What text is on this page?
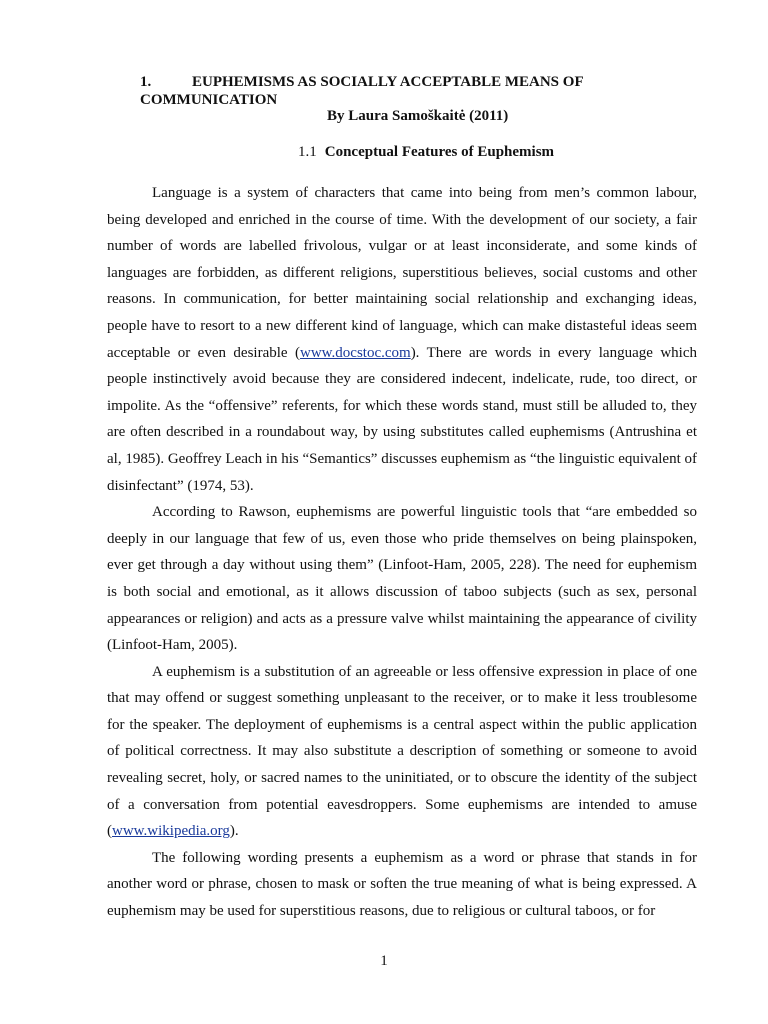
1.	EUPHEMISMS AS SOCIALLY ACCEPTABLE MEANS OF
COMMUNICATION
By Laura Samoškaitė (2011)
1.1 Conceptual Features of Euphemism

Language is a system of characters that came into being from men’s common labour, being developed and enriched in the course of time. With the development of our society, a fair number of words are labelled frivolous, vulgar or at least inconsiderate, and some kinds of languages are forbidden, as different religions, superstitious believes, social customs and other reasons. In communication, for better maintaining social relationship and exchanging ideas, people have to resort to a new different kind of language, which can make distasteful ideas seem acceptable or even desirable (www.docstoc.com). There are words in every language which people instinctively avoid because they are considered indecent, indelicate, rude, too direct, or impolite. As the “offensive” referents, for which these words stand, must still be alluded to, they are often described in a roundabout way, by using substitutes called euphemisms (Antrushina et al, 1985). Geoffrey Leach in his “Semantics” discusses euphemism as “the linguistic equivalent of disinfectant” (1974, 53).

According to Rawson, euphemisms are powerful linguistic tools that “are embedded so deeply in our language that few of us, even those who pride themselves on being plainspoken, ever get through a day without using them” (Linfoot-Ham, 2005, 228). The need for euphemism is both social and emotional, as it allows discussion of taboo subjects (such as sex, personal appearances or religion) and acts as a pressure valve whilst maintaining the appearance of civility (Linfoot-Ham, 2005).

A euphemism is a substitution of an agreeable or less offensive expression in place of one that may offend or suggest something unpleasant to the receiver, or to make it less troublesome for the speaker. The deployment of euphemisms is a central aspect within the public application of political correctness. It may also substitute a description of something or someone to avoid revealing secret, holy, or sacred names to the uninitiated, or to obscure the identity of the subject of a conversation from potential eavesdroppers. Some euphemisms are intended to amuse (www.wikipedia.org).

The following wording presents a euphemism as a word or phrase that stands in for another word or phrase, chosen to mask or soften the true meaning of what is being expressed. A euphemism may be used for superstitious reasons, due to religious or cultural taboos, or for

1
